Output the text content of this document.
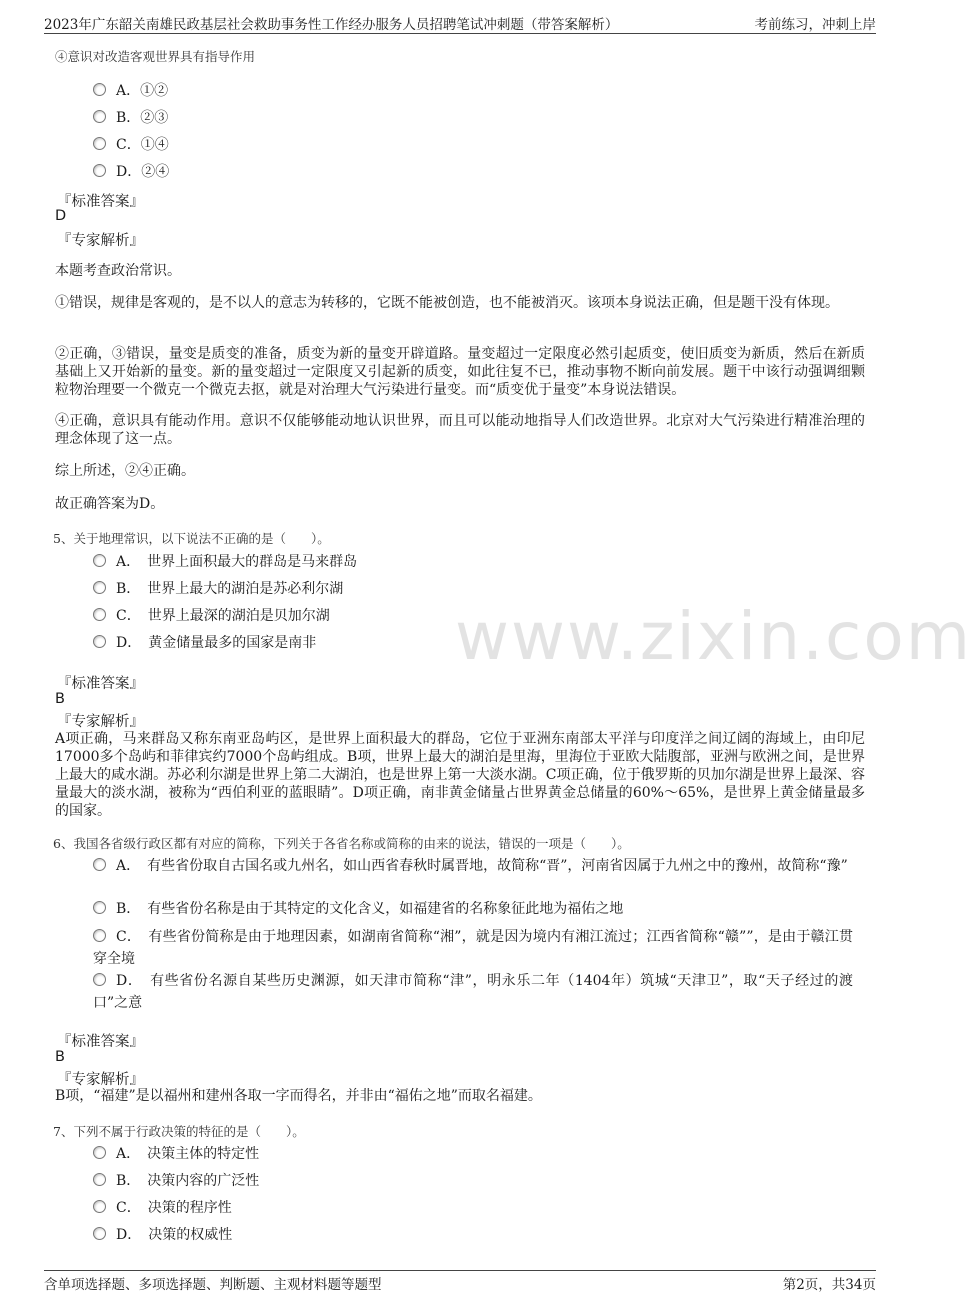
2023年广东韶关南雄民政基层社会救助事务性工作经办服务人员招聘笔试冲刺题（带答案解析）	考前练习，冲刺上岸
www.zixin.com
④意识对改造客观世界具有指导作用
A．①②
B．②③
C．①④
D．②④
『标准答案』
D
『专家解析』
本题考查政治常识。
①错误，规律是客观的，是不以人的意志为转移的，它既不能被创造，也不能被消灭。该项本身说法正确，但是题干没有体现。
②正确，③错误，量变是质变的准备，质变为新的量变开辟道路。量变超过一定限度必然引起质变，使旧质变为新质，然后在新质基础上又开始新的量变。新的量变超过一定限度又引起新的质变，如此往复不已，推动事物不断向前发展。题干中该行动强调细颗粒物治理要一个微克一个微克去抠，就是对治理大气污染进行量变。而“质变优于量变”本身说法错误。
④正确，意识具有能动作用。意识不仅能够能动地认识世界，而且可以能动地指导人们改造世界。北京对大气污染进行精准治理的理念体现了这一点。
综上所述，②④正确。
故正确答案为D。
5、关于地理常识，以下说法不正确的是（　　）。
A．　世界上面积最大的群岛是马来群岛
B．　世界上最大的湖泊是苏必利尔湖
C．　世界上最深的湖泊是贝加尔湖
D．　黄金储量最多的国家是南非
『标准答案』
B
『专家解析』
A项正确，马来群岛又称东南亚岛屿区，是世界上面积最大的群岛，它位于亚洲东南部太平洋与印度洋之间辽阔的海域上，由印尼17000多个岛屿和菲律宾约7000个岛屿组成。B项，世界上最大的湖泊是里海，里海位于亚欧大陆腹部，亚洲与欧洲之间，是世界上最大的咸水湖。苏必利尔湖是世界上第二大湖泊，也是世界上第一大淡水湖。C项正确，位于俄罗斯的贝加尔湖是世界上最深、容量最大的淡水湖，被称为“西伯利亚的蓝眼睛”。D项正确，南非黄金储量占世界黄金总储量的60%～65%，是世界上黄金储量最多的国家。
6、我国各省级行政区都有对应的简称，下列关于各省名称或简称的由来的说法，错误的一项是（　　）。
A．　有些省份取自古国名或九州名，如山西省春秋时属晋地，故简称“晋”，河南省因属于九州之中的豫州，故简称“豫”
B．　有些省份名称是由于其特定的文化含义，如福建省的名称象征此地为福佑之地
C．　有些省份简称是由于地理因素，如湖南省简称“湘”，就是因为境内有湘江流过；江西省简称“赣””，是由于赣江贯穿全境
D．　有些省份名源自某些历史渊源，如天津市简称“津”，明永乐二年（1404年）筑城“天津卫”，取“天子经过的渡口”之意
『标准答案』
B
『专家解析』
B项，“福建”是以福州和建州各取一字而得名，并非由“福佑之地”而取名福建。
7、下列不属于行政决策的特征的是（　　）。
A．　决策主体的特定性
B．　决策内容的广泛性
C．　决策的程序性
D．　决策的权威性
含单项选择题、多项选择题、判断题、主观材料题等题型	第2页，共34页
